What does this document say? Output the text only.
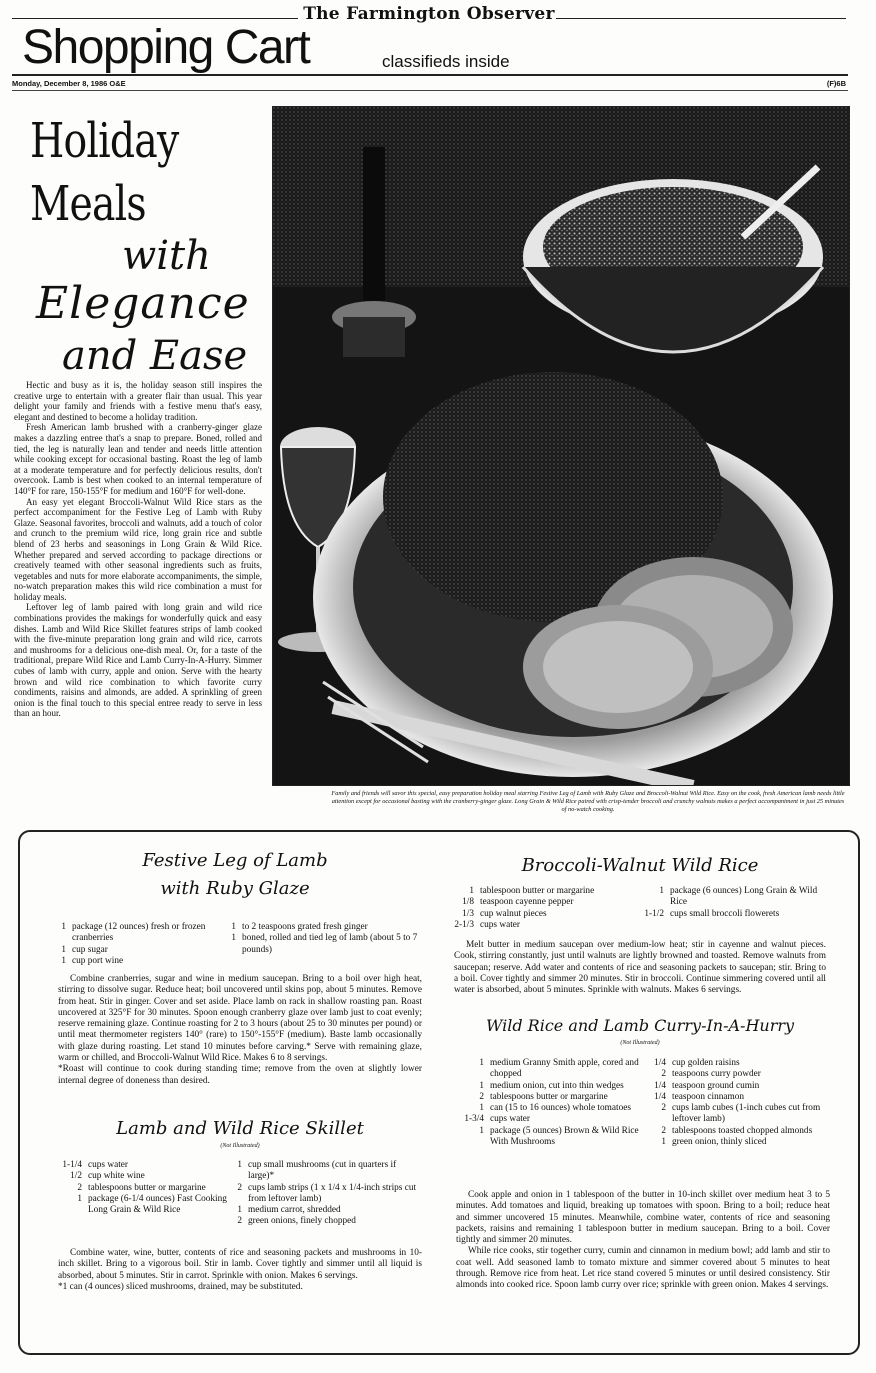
The Farmington Observer
Shopping Cart	classifieds inside
Monday, December 8, 1986 O&E	(F)6B
Holiday
Meals
with
Elegance
and Ease

Hectic and busy as it is, the holiday season still inspires the creative urge to entertain with a greater flair than usual. This year delight your family and friends with a festive menu that's easy, elegant and destined to become a holiday tradition.

Fresh American lamb brushed with a cranberry-ginger glaze makes a dazzling entree that's a snap to prepare. Boned, rolled and tied, the leg is naturally lean and tender and needs little attention while cooking except for occasional basting. Roast the leg of lamb at a moderate temperature and for perfectly delicious results, don't overcook. Lamb is best when cooked to an internal temperature of 140°F for rare, 150-155°F for medium and 160°F for well-done.

An easy yet elegant Broccoli-Walnut Wild Rice stars as the perfect accompaniment for the Festive Leg of Lamb with Ruby Glaze. Seasonal favorites, broccoli and walnuts, add a touch of color and crunch to the premium wild rice, long grain rice and subtle blend of 23 herbs and seasonings in Long Grain & Wild Rice. Whether prepared and served according to package directions or creatively teamed with other seasonal ingredients such as fruits, vegetables and nuts for more elaborate accompaniments, the simple, no-watch preparation makes this wild rice combination a must for holiday meals.

Leftover leg of lamb paired with long grain and wild rice combinations provides the makings for wonderfully quick and easy dishes. Lamb and Wild Rice Skillet features strips of lamb cooked with the five-minute preparation long grain and wild rice, carrots and mushrooms for a delicious one-dish meal. Or, for a taste of the traditional, prepare Wild Rice and Lamb Curry-In-A-Hurry. Simmer cubes of lamb with curry, apple and onion. Serve with the hearty brown and wild rice combination to which favorite curry condiments, raisins and almonds, are added. A sprinkling of green onion is the final touch to this special entree ready to serve in less than an hour.

Family and friends will savor this special, easy preparation holiday meal starring Festive Leg of Lamb with Ruby Glaze and Broccoli-Walnut Wild Rice. Easy on the cook, fresh American lamb needs little attention except for occasional basting with the cranberry-ginger glaze. Long Grain & Wild Rice paired with crisp-tender broccoli and crunchy walnuts makes a perfect accompaniment in just 25 minutes of no-watch cooking.
Festive Leg of Lamb
with Ruby Glaze
1 package (12 ounces) fresh or frozen cranberries
1 cup sugar
1 cup port wine
1 to 2 teaspoons grated fresh ginger
1 boned, rolled and tied leg of lamb (about 5 to 7 pounds)

Combine cranberries, sugar and wine in medium saucepan. Bring to a boil over high heat, stirring to dissolve sugar. Reduce heat; boil uncovered until skins pop, about 5 minutes. Remove from heat. Stir in ginger. Cover and set aside. Place lamb on rack in shallow roasting pan. Roast uncovered at 325°F for 30 minutes. Spoon enough cranberry glaze over lamb just to coat evenly; reserve remaining glaze. Continue roasting for 2 to 3 hours (about 25 to 30 minutes per pound) or until meat thermometer registers 140° (rare) to 150°-155°F (medium). Baste lamb occasionally with glaze during roasting. Let stand 10 minutes before carving.* Serve with remaining glaze, warm or chilled, and Broccoli-Walnut Wild Rice. Makes 6 to 8 servings.

*Roast will continue to cook during standing time; remove from the oven at slightly lower internal degree of doneness than desired.

Lamb and Wild Rice Skillet
(Not Illustrated)
1-1/4 cups water
1/2 cup white wine
2 tablespoons butter or margarine
1 package (6-1/4 ounces) Fast Cooking Long Grain & Wild Rice
1 cup small mushrooms (cut in quarters if large)*
2 cups lamb strips (1 x 1/4 x 1/4-inch strips cut from leftover lamb)
1 medium carrot, shredded
2 green onions, finely chopped

Combine water, wine, butter, contents of rice and seasoning packets and mushrooms in 10-inch skillet. Bring to a vigorous boil. Stir in lamb. Cover tightly and simmer until all liquid is absorbed, about 5 minutes. Stir in carrot. Sprinkle with onion. Makes 6 servings.

*1 can (4 ounces) sliced mushrooms, drained, may be substituted.

Broccoli-Walnut Wild Rice
1 tablespoon butter or margarine
1/8 teaspoon cayenne pepper
1/3 cup walnut pieces
2-1/3 cups water
1 package (6 ounces) Long Grain & Wild Rice
1-1/2 cups small broccoli flowerets

Melt butter in medium saucepan over medium-low heat; stir in cayenne and walnut pieces. Cook, stirring constantly, just until walnuts are lightly browned and toasted. Remove walnuts from saucepan; reserve. Add water and contents of rice and seasoning packets to saucepan; stir. Bring to a boil. Cover tightly and simmer 20 minutes. Stir in broccoli. Continue simmering covered until all water is absorbed, about 5 minutes. Sprinkle with walnuts. Makes 6 servings.

Wild Rice and Lamb Curry-In-A-Hurry
(Not Illustrated)
1 medium Granny Smith apple, cored and chopped
1 medium onion, cut into thin wedges
2 tablespoons butter or margarine
1 can (15 to 16 ounces) whole tomatoes
1-3/4 cups water
1 package (5 ounces) Brown & Wild Rice With Mushrooms
1/4 cup golden raisins
2 teaspoons curry powder
1/4 teaspoon ground cumin
1/4 teaspoon cinnamon
2 cups lamb cubes (1-inch cubes cut from leftover lamb)
2 tablespoons toasted chopped almonds
1 green onion, thinly sliced

Cook apple and onion in 1 tablespoon of the butter in 10-inch skillet over medium heat 3 to 5 minutes. Add tomatoes and liquid, breaking up tomatoes with spoon. Bring to a boil; reduce heat and simmer uncovered 15 minutes. Meanwhile, combine water, contents of rice and seasoning packets, raisins and remaining 1 tablespoon butter in medium saucepan. Bring to a boil. Cover tightly and simmer 20 minutes.

While rice cooks, stir together curry, cumin and cinnamon in medium bowl; add lamb and stir to coat well. Add seasoned lamb to tomato mixture and simmer covered about 5 minutes to heat through. Remove rice from heat. Let rice stand covered 5 minutes or until desired consistency. Stir almonds into cooked rice. Spoon lamb curry over rice; sprinkle with green onion. Makes 4 servings.
